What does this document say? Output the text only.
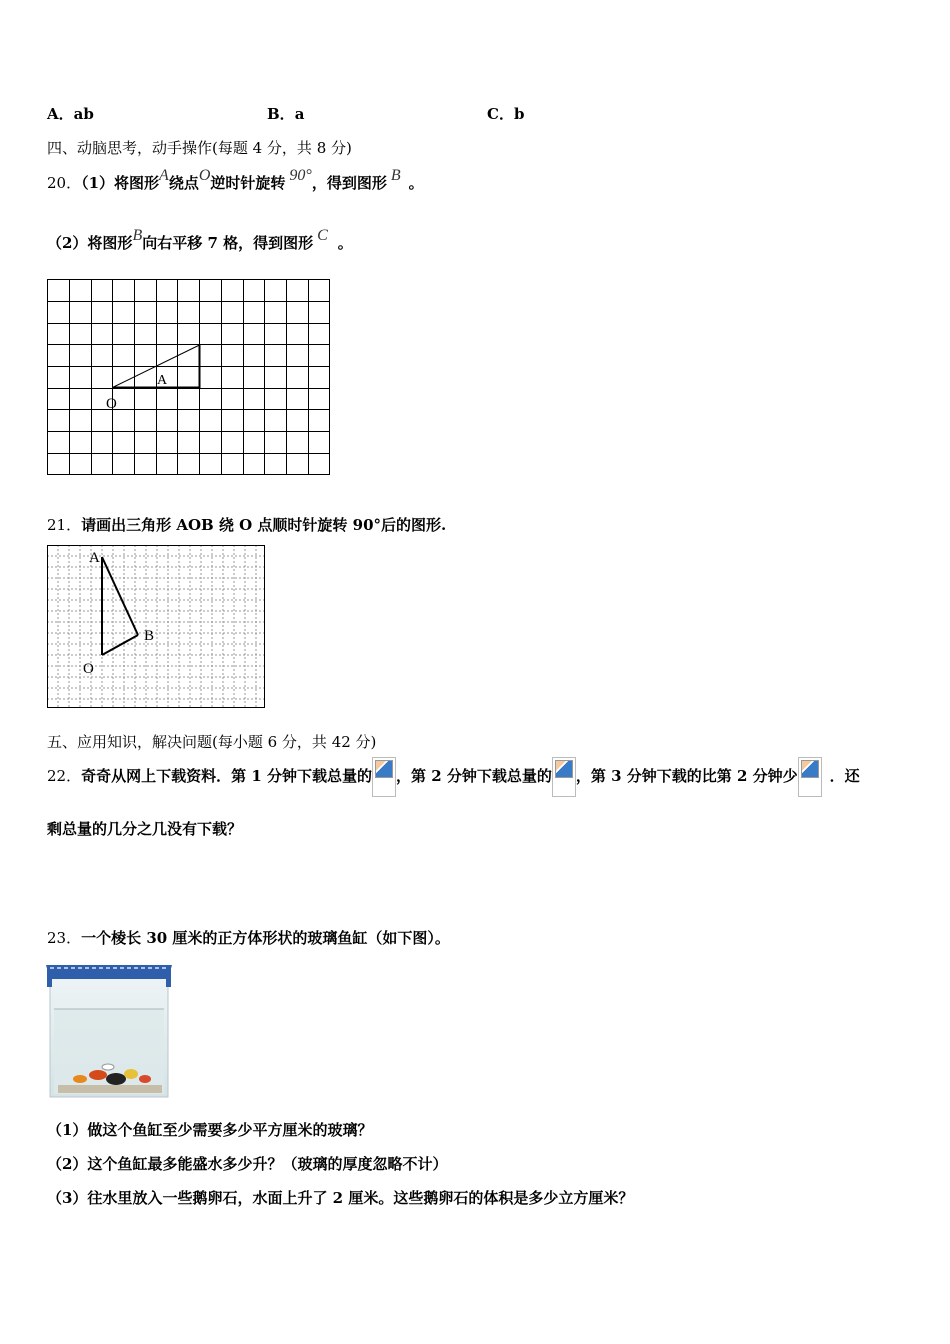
A．ab	B．a	C．b
四、动脑思考，动手操作(每题 4 分，共 8 分)
20．（1）将图形A绕点O逆时针旋转 90°，得到图形 B 。
（2）将图形B向右平移 7 格，得到图形 C 。
A
O
21．请画出三角形 AOB 绕 O 点顺时针旋转 90°后的图形.
A
B
O
五、应用知识，解决问题(每小题 6 分，共 42 分)
22．奇奇从网上下载资料．第 1 分钟下载总量的 ，第 2 分钟下载总量的 ，第 3 分钟下载的比第 2 分钟少 ．还
剩总量的几分之几没有下载？
23．一个棱长 30 厘米的正方体形状的玻璃鱼缸（如下图）。
（1）做这个鱼缸至少需要多少平方厘米的玻璃？
（2）这个鱼缸最多能盛水多少升？（玻璃的厚度忽略不计）
（3）往水里放入一些鹅卵石，水面上升了 2 厘米。这些鹅卵石的体积是多少立方厘米？
